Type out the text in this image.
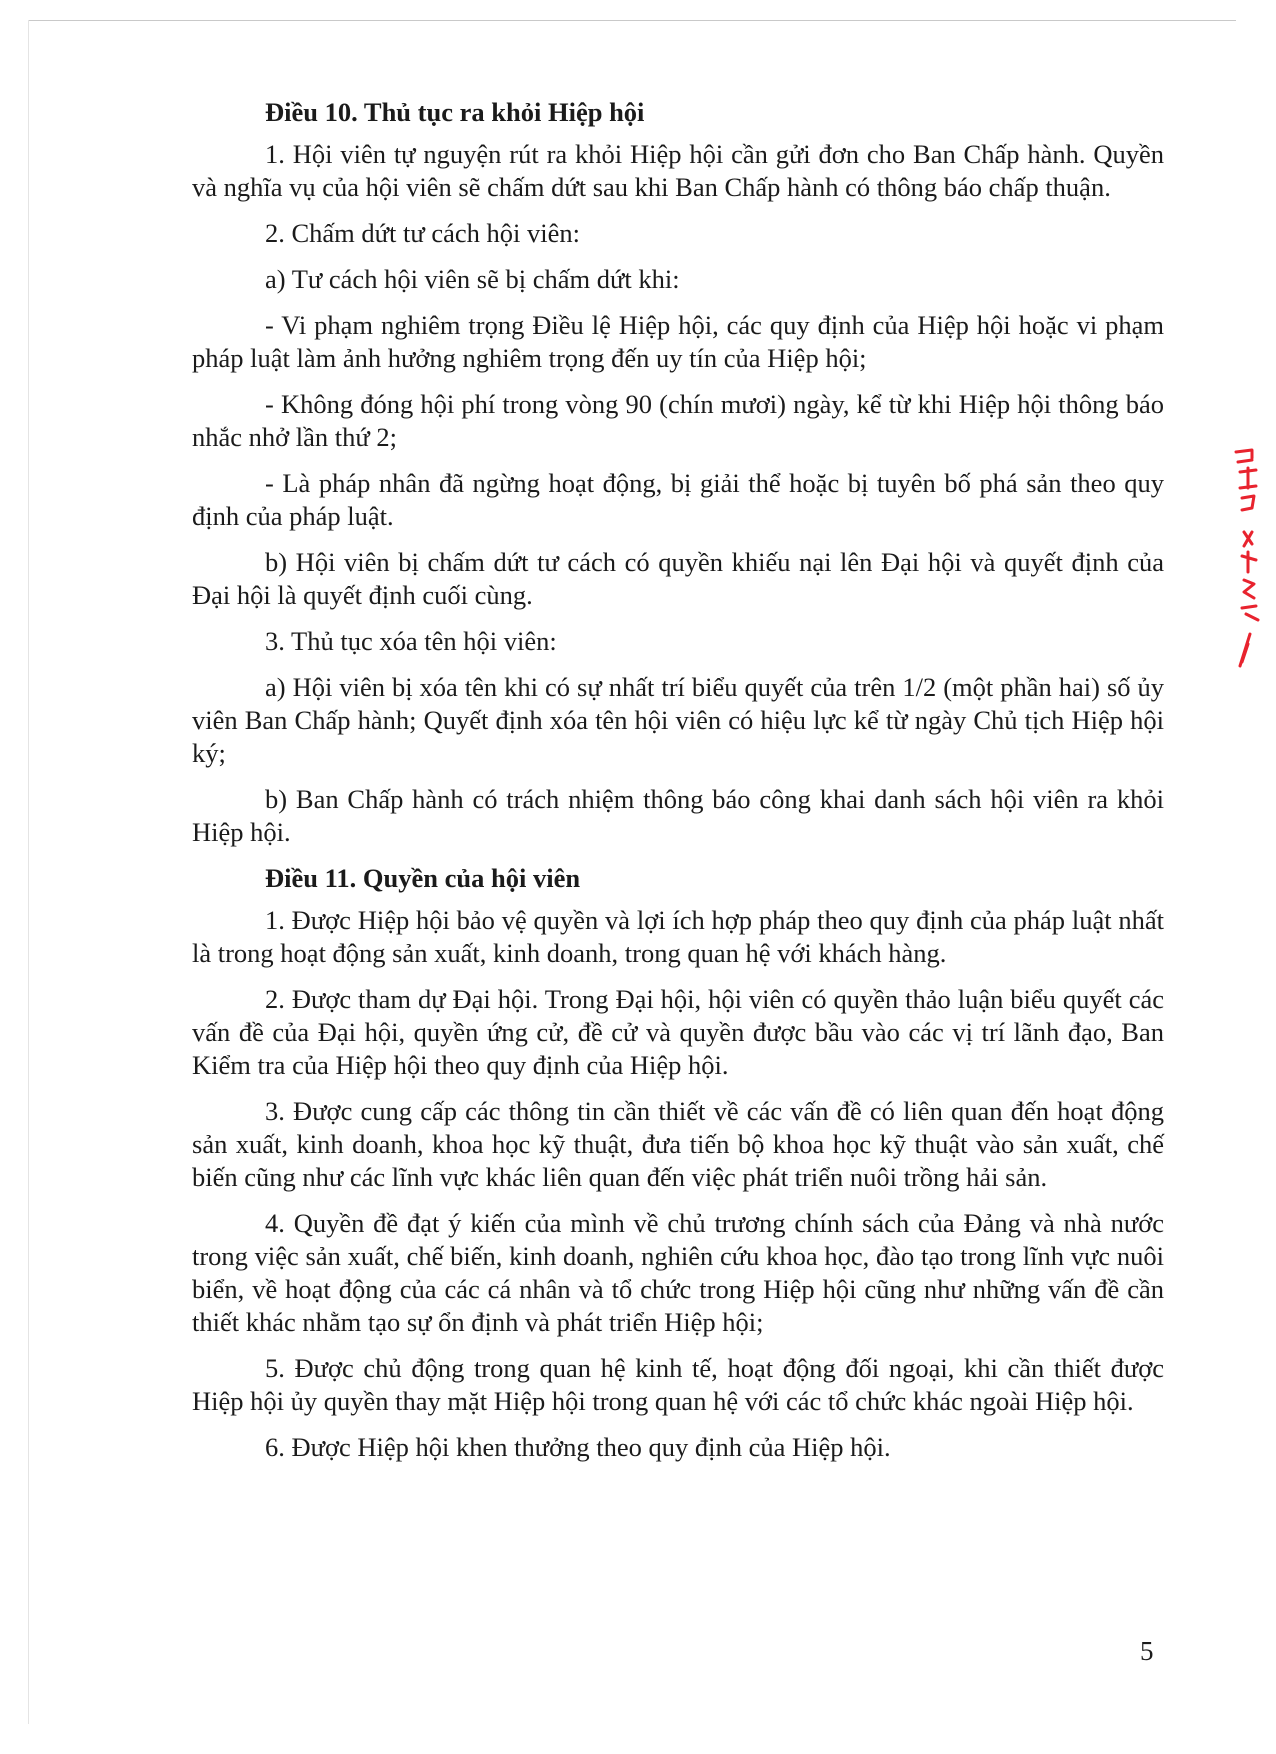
Điều 10. Thủ tục ra khỏi Hiệp hội

1. Hội viên tự nguyện rút ra khỏi Hiệp hội cần gửi đơn cho Ban Chấp hành. Quyền và nghĩa vụ của hội viên sẽ chấm dứt sau khi Ban Chấp hành có thông báo chấp thuận.

2. Chấm dứt tư cách hội viên:

a) Tư cách hội viên sẽ bị chấm dứt khi:

- Vi phạm nghiêm trọng Điều lệ Hiệp hội, các quy định của Hiệp hội hoặc vi phạm pháp luật làm ảnh hưởng nghiêm trọng đến uy tín của Hiệp hội;

- Không đóng hội phí trong vòng 90 (chín mươi) ngày, kể từ khi Hiệp hội thông báo nhắc nhở lần thứ 2;

- Là pháp nhân đã ngừng hoạt động, bị giải thể hoặc bị tuyên bố phá sản theo quy định của pháp luật.

b) Hội viên bị chấm dứt tư cách có quyền khiếu nại lên Đại hội và quyết định của Đại hội là quyết định cuối cùng.

3. Thủ tục xóa tên hội viên:

a) Hội viên bị xóa tên khi có sự nhất trí biểu quyết của trên 1/2 (một phần hai) số ủy viên Ban Chấp hành; Quyết định xóa tên hội viên có hiệu lực kể từ ngày Chủ tịch Hiệp hội ký;

b) Ban Chấp hành có trách nhiệm thông báo công khai danh sách hội viên ra khỏi Hiệp hội.

Điều 11. Quyền của hội viên

1. Được Hiệp hội bảo vệ quyền và lợi ích hợp pháp theo quy định của pháp luật nhất là trong hoạt động sản xuất, kinh doanh, trong quan hệ với khách hàng.

2. Được tham dự Đại hội. Trong Đại hội, hội viên có quyền thảo luận biểu quyết các vấn đề của Đại hội, quyền ứng cử, đề cử và quyền được bầu vào các vị trí lãnh đạo, Ban Kiểm tra của Hiệp hội theo quy định của Hiệp hội.

3. Được cung cấp các thông tin cần thiết về các vấn đề có liên quan đến hoạt động sản xuất, kinh doanh, khoa học kỹ thuật, đưa tiến bộ khoa học kỹ thuật vào sản xuất, chế biến cũng như các lĩnh vực khác liên quan đến việc phát triển nuôi trồng hải sản.

4. Quyền đề đạt ý kiến của mình về chủ trương chính sách của Đảng và nhà nước trong việc sản xuất, chế biến, kinh doanh, nghiên cứu khoa học, đào tạo trong lĩnh vực nuôi biển, về hoạt động của các cá nhân và tổ chức trong Hiệp hội cũng như những vấn đề cần thiết khác nhằm tạo sự ổn định và phát triển Hiệp hội;

5. Được chủ động trong quan hệ kinh tế, hoạt động đối ngoại, khi cần thiết được Hiệp hội ủy quyền thay mặt Hiệp hội trong quan hệ với các tổ chức khác ngoài Hiệp hội.

6. Được Hiệp hội khen thưởng theo quy định của Hiệp hội.

5
